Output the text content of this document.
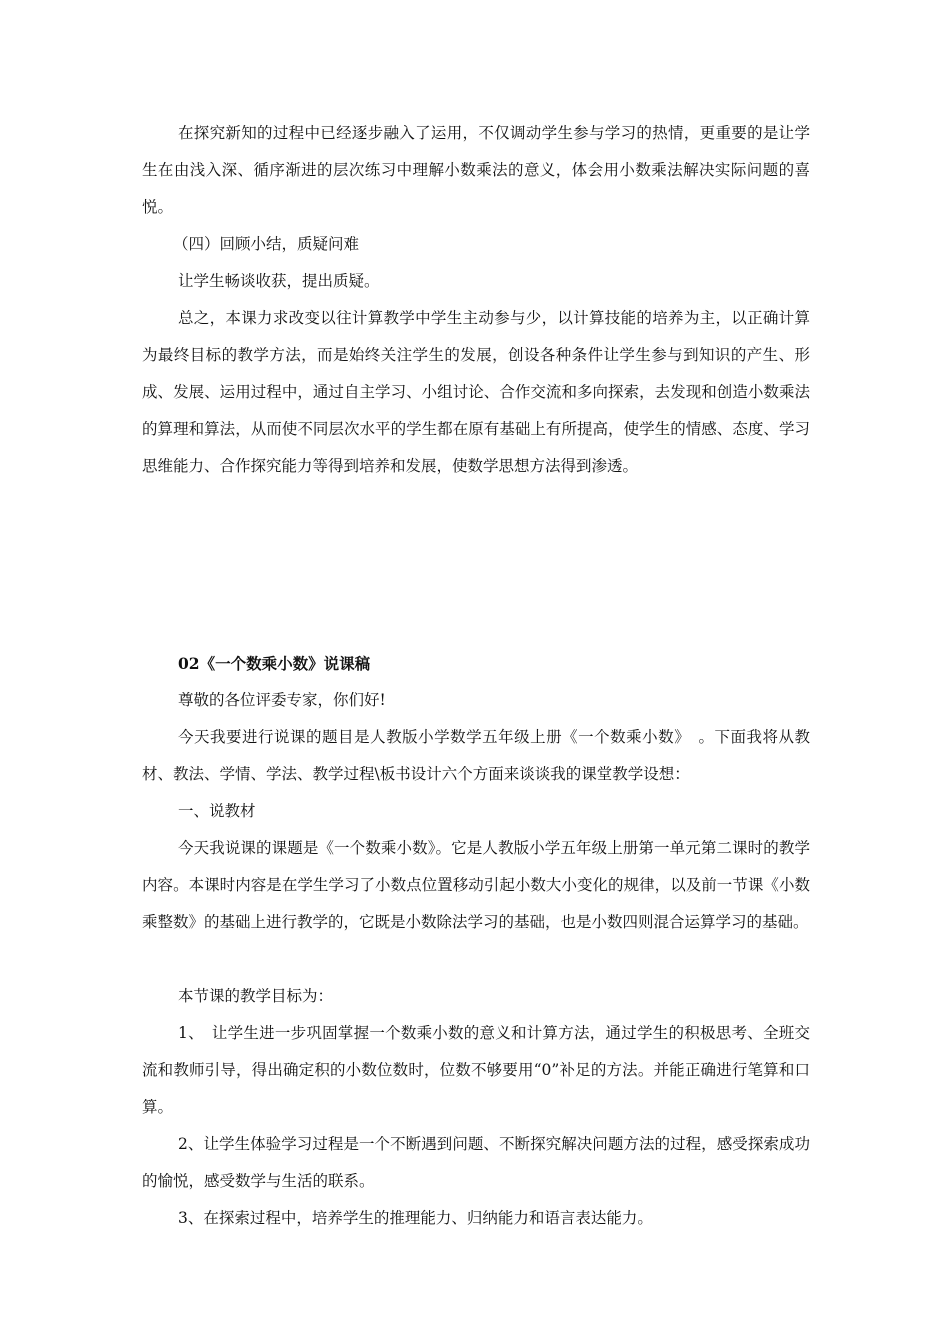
在探究新知的过程中已经逐步融入了运用，不仅调动学生参与学习的热情，更重要的是让学生在由浅入深、循序渐进的层次练习中理解小数乘法的意义，体会用小数乘法解决实际问题的喜悦。

（四）回顾小结，质疑问难

让学生畅谈收获，提出质疑。

总之，本课力求改变以往计算教学中学生主动参与少，以计算技能的培养为主，以正确计算为最终目标的教学方法，而是始终关注学生的发展，创设各种条件让学生参与到知识的产生、形成、发展、运用过程中，通过自主学习、小组讨论、合作交流和多向探索，去发现和创造小数乘法的算理和算法，从而使不同层次水平的学生都在原有基础上有所提高，使学生的情感、态度、学习思维能力、合作探究能力等得到培养和发展，使数学思想方法得到渗透。

02《一个数乘小数》说课稿

尊敬的各位评委专家，你们好!

今天我要进行说课的题目是人教版小学数学五年级上册《一个数乘小数》　。下面我将从教材、教法、学情、学法、教学过程\板书设计六个方面来谈谈我的课堂教学设想：

一、说教材

今天我说课的课题是《一个数乘小数》。它是人教版小学五年级上册第一单元第二课时的教学内容。本课时内容是在学生学习了小数点位置移动引起小数大小变化的规律，以及前一节课《小数乘整数》的基础上进行教学的，它既是小数除法学习的基础，也是小数四则混合运算学习的基础。

本节课的教学目标为：

1、　让学生进一步巩固掌握一个数乘小数的意义和计算方法，通过学生的积极思考、全班交流和教师引导，得出确定积的小数位数时，位数不够要用“0”补足的方法。并能正确进行笔算和口算。

2、让学生体验学习过程是一个不断遇到问题、不断探究解决问题方法的过程，感受探索成功的愉悦，感受数学与生活的联系。

3、在探索过程中，培养学生的推理能力、归纳能力和语言表达能力。
